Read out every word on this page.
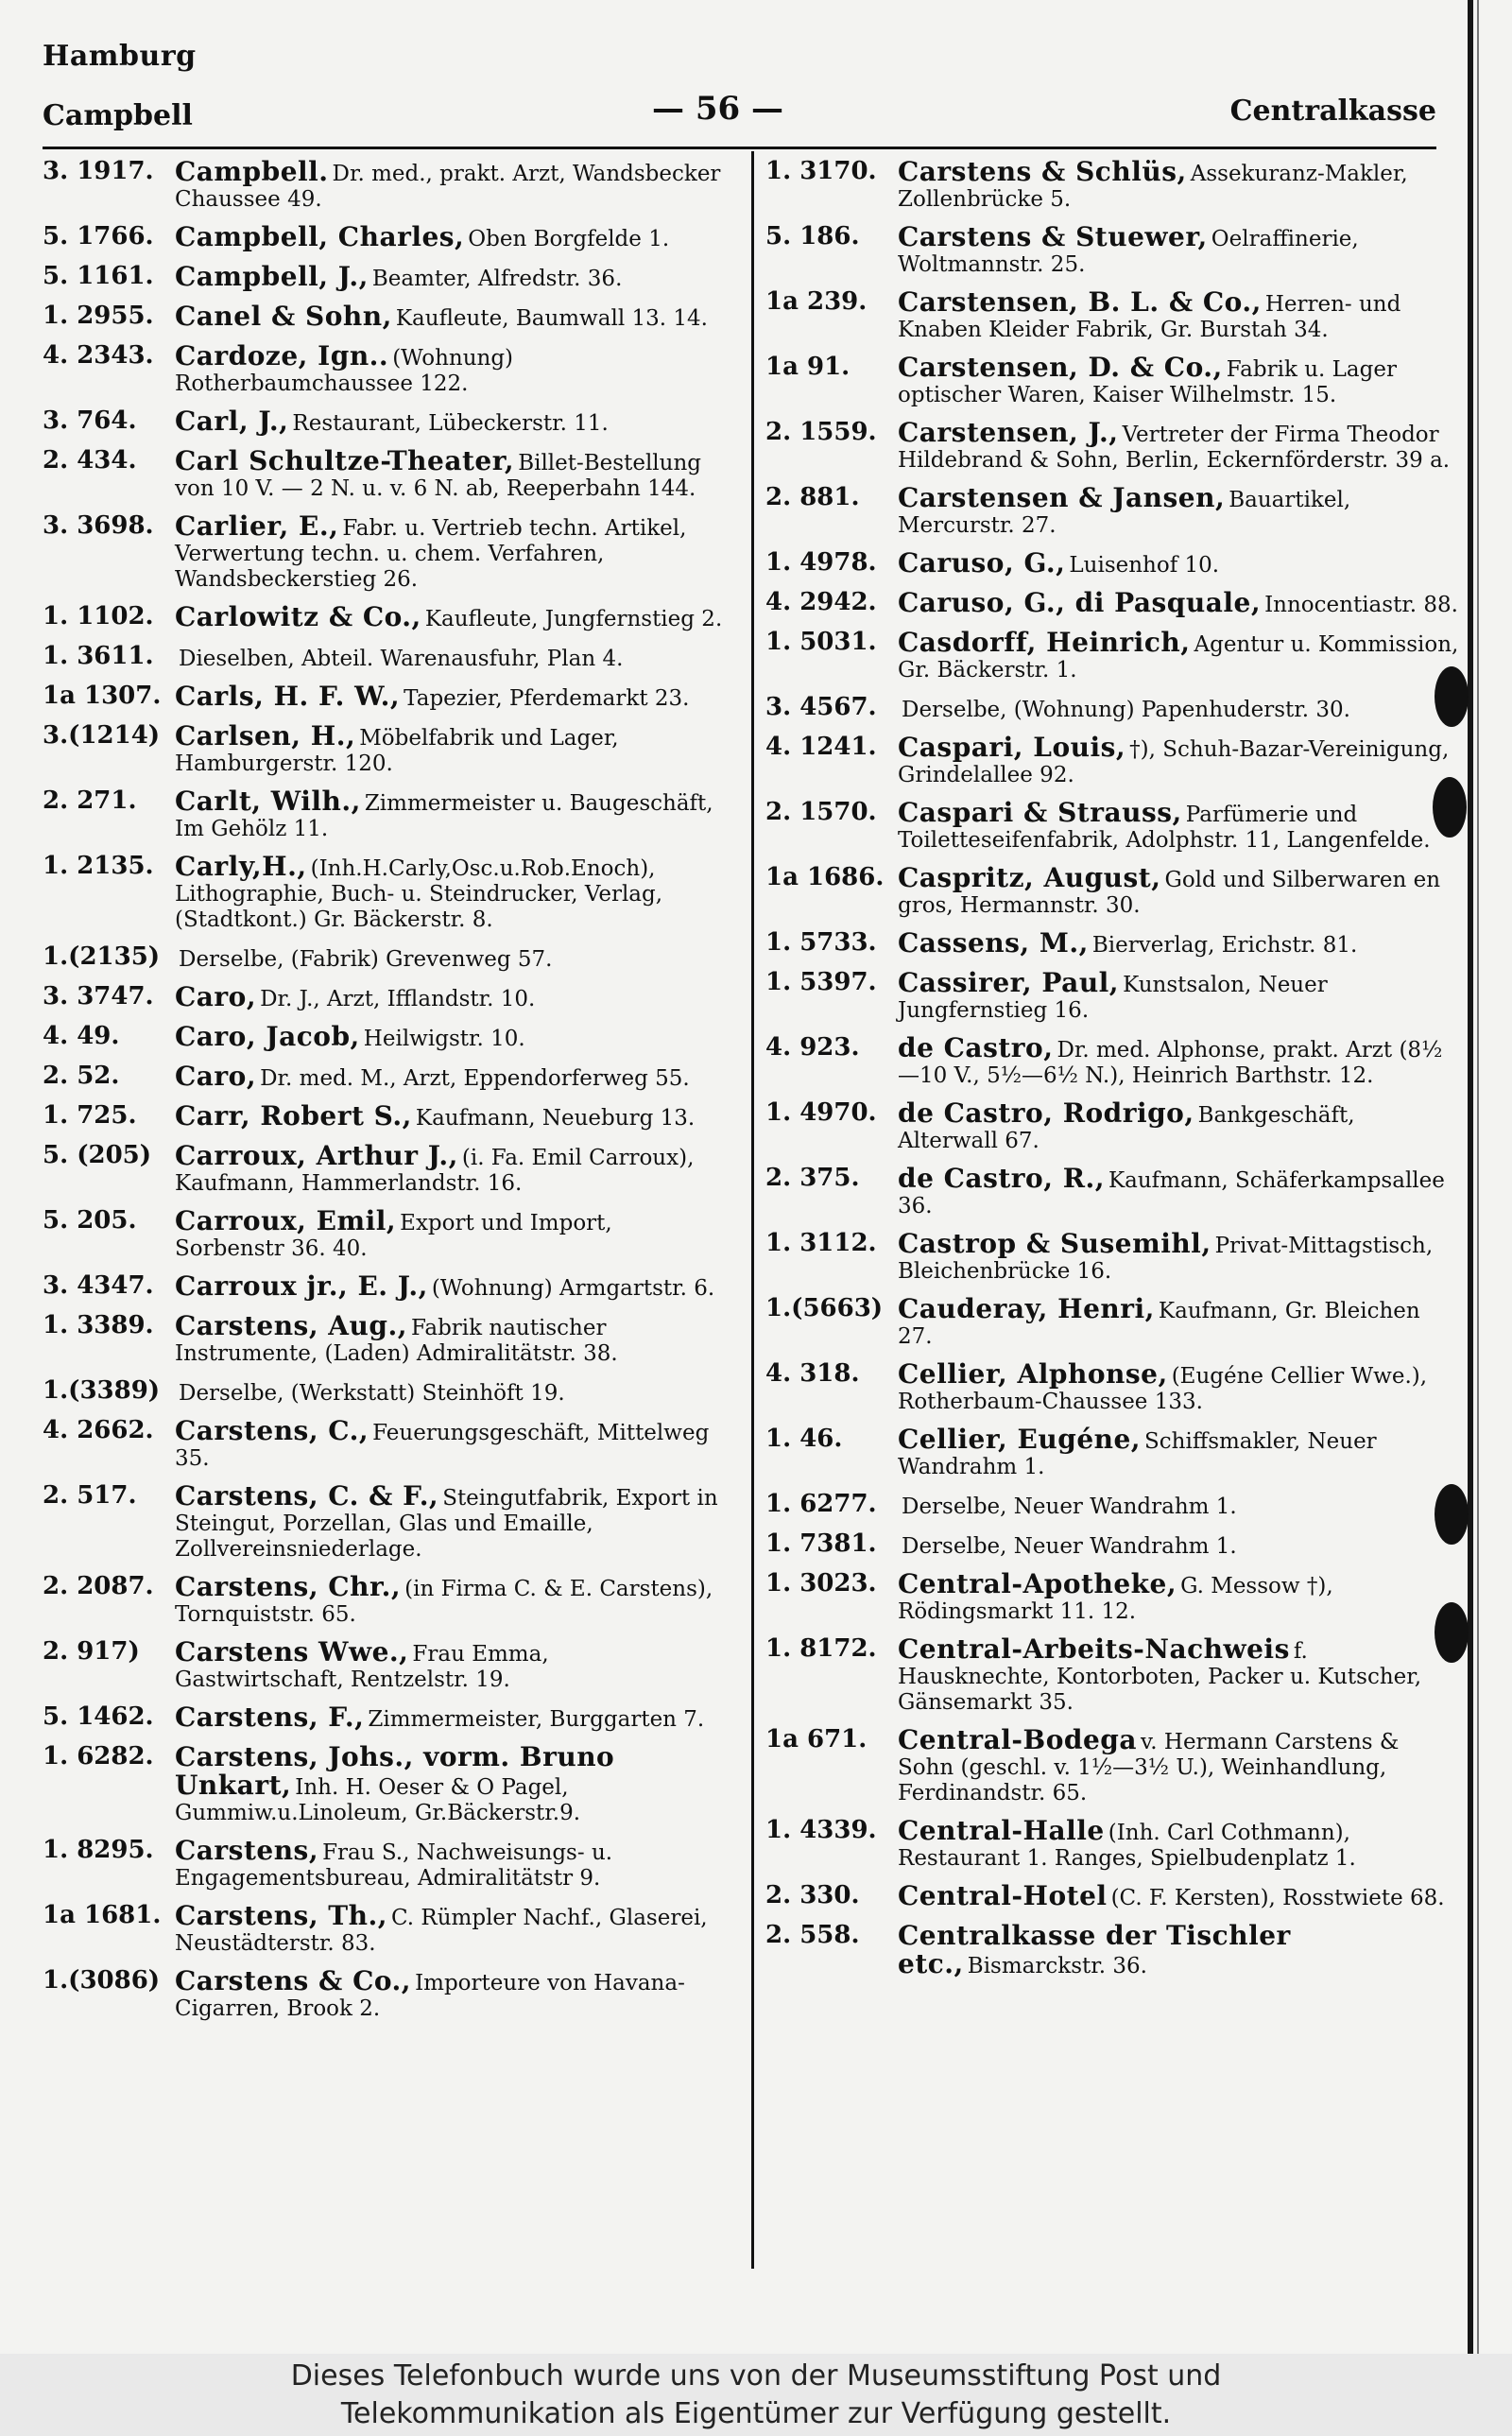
Hamburg
Campbell	— 56 —	Centralkasse
3. 1917. Campbell. Dr. med., prakt. Arzt, Wandsbecker Chaussee 49.
5. 1766. Campbell, Charles, Oben Borgfelde 1.
5. 1161. Campbell, J., Beamter, Alfredstr. 36.
1. 2955. Canel & Sohn, Kaufleute, Baumwall 13. 14.
4. 2343. Cardoze, Ign.. (Wohnung) Rotherbaumchaussee 122.
3. 764.	Carl, J., Restaurant, Lübeckerstr. 11.
2. 434.	Carl Schultze-Theater, Billet-Bestellung von 10 V. — 2 N. u. v. 6 N. ab, Reeperbahn 144.
3. 3698. Carlier, E., Fabr. u. Vertrieb techn. Artikel, Verwertung techn. u. chem. Verfahren, Wandsbeckerstieg 26.
1. 1102. Carlowitz & Co., Kaufleute, Jungfernstieg 2.
1. 3611.	Dieselben, Abteil. Warenausfuhr, Plan 4.
1a 1307. Carls, H. F. W., Tapezier, Pferdemarkt 23.
3.(1214) Carlsen, H., Möbelfabrik und Lager, Hamburgerstr. 120.
2. 271.	Carlt, Wilh., Zimmermeister u. Baugeschäft, Im Gehölz 11.
1. 2135. Carly,H., (Inh.H.Carly,Osc.u.Rob.Enoch), Lithographie, Buch- u. Steindrucker, Verlag, (Stadtkont.) Gr. Bäckerstr. 8.
1.(2135) Derselbe, (Fabrik) Grevenweg 57.
3. 3747. Caro, Dr. J., Arzt, Ifflandstr. 10.
4. 49.	Caro, Jacob, Heilwigstr. 10.
2. 52.	Caro, Dr. med. M., Arzt, Eppendorferweg 55.
1. 725.	Carr, Robert S., Kaufmann, Neueburg 13.
5. (205) Carroux, Arthur J., (i. Fa. Emil Carroux), Kaufmann, Hammerlandstr. 16.
5. 205.	Carroux, Emil, Export und Import, Sorbenstr 36. 40.
3. 4347. Carroux jr., E. J., (Wohnung) Armgartstr. 6.
1. 3389. Carstens, Aug., Fabrik nautischer Instrumente, (Laden) Admiralitätstr. 38.
1.(3389) Derselbe, (Werkstatt) Steinhöft 19.
4. 2662. Carstens, C., Feuerungsgeschäft, Mittelweg 35.
2. 517.	Carstens, C. & F., Steingutfabrik, Export in Steingut, Porzellan, Glas und Emaille, Zollvereinsniederlage.
2. 2087. Carstens, Chr., (in Firma C. & E. Carstens), Tornquiststr. 65.
2. 917)	Carstens Wwe., Frau Emma, Gastwirtschaft, Rentzelstr. 19.
5. 1462. Carstens, F., Zimmermeister, Burggarten 7.
1. 6282. Carstens, Johs., vorm. Bruno Unkart, Inh. H. Oeser & O Pagel, Gummiw.u.Linoleum, Gr.Bäckerstr.9.
1. 8295. Carstens, Frau S., Nachweisungs- u. Engagementsbureau, Admiralitätstr 9.
1a 1681. Carstens, Th., C. Rümpler Nachf., Glaserei, Neustädterstr. 83.
1.(3086) Carstens & Co., Importeure von Havana-Cigarren, Brook 2.
1. 3170. Carstens & Schlüs, Assekuranz-Makler, Zollenbrücke 5.
5. 186.	Carstens & Stuewer, Oelraffinerie, Woltmannstr. 25.
1a 239.	Carstensen, B. L. & Co., Herren- und Knaben Kleider Fabrik, Gr. Burstah 34.
1a 91.	Carstensen, D. & Co., Fabrik u. Lager optischer Waren, Kaiser Wilhelmstr. 15.
2. 1559. Carstensen, J., Vertreter der Firma Theodor Hildebrand & Sohn, Berlin, Eckernförderstr. 39 a.
2. 881.	Carstensen & Jansen, Bauartikel, Mercurstr. 27.
1. 4978. Caruso, G., Luisenhof 10.
4. 2942. Caruso, G., di Pasquale, Innocentiastr. 88.
1. 5031. Casdorff, Heinrich, Agentur u. Kommission, Gr. Bäckerstr. 1.
3. 4567.	Derselbe, (Wohnung) Papenhuderstr. 30.
4. 1241. Caspari, Louis, †), Schuh-Bazar-Vereinigung, Grindelallee 92.
2. 1570. Caspari & Strauss, Parfümerie und Toiletteseifenfabrik, Adolphstr. 11, Langenfelde.
1a 1686. Caspritz, August, Gold und Silberwaren en gros, Hermannstr. 30.
1. 5733. Cassens, M., Bierverlag, Erichstr. 81.
1. 5397. Cassirer, Paul, Kunstsalon, Neuer Jungfernstieg 16.
4. 923.	de Castro, Dr. med. Alphonse, prakt. Arzt (8½—10 V., 5½—6½ N.), Heinrich Barthstr. 12.
1. 4970. de Castro, Rodrigo, Bankgeschäft, Alterwall 67.
2. 375.	de Castro, R., Kaufmann, Schäferkampsallee 36.
1. 3112. Castrop & Susemihl, Privat-Mittagstisch, Bleichenbrücke 16.
1.(5663) Cauderay, Henri, Kaufmann, Gr. Bleichen 27.
4. 318.	Cellier, Alphonse, (Eugéne Cellier Wwe.), Rotherbaum-Chaussee 133.
1. 46.	Cellier, Eugéne, Schiffsmakler, Neuer Wandrahm 1.
1. 6277.	Derselbe, Neuer Wandrahm 1.
1. 7381.	Derselbe, Neuer Wandrahm 1.
1. 3023. Central-Apotheke, G. Messow †), Rödingsmarkt 11. 12.
1. 8172. Central-Arbeits-Nachweis f. Hausknechte, Kontorboten, Packer u. Kutscher, Gänsemarkt 35.
1a 671.	Central-Bodega v. Hermann Carstens & Sohn (geschl. v. 1½—3½ U.), Weinhandlung, Ferdinandstr. 65.
1. 4339. Central-Halle (Inh. Carl Cothmann), Restaurant 1. Ranges, Spielbudenplatz 1.
2. 330.	Central-Hotel (C. F. Kersten), Rosstwiete 68.
2. 558.	Centralkasse der Tischler etc., Bismarckstr. 36.
Dieses Telefonbuch wurde uns von der Museumsstiftung Post und
Telekommunikation als Eigentümer zur Verfügung gestellt.
